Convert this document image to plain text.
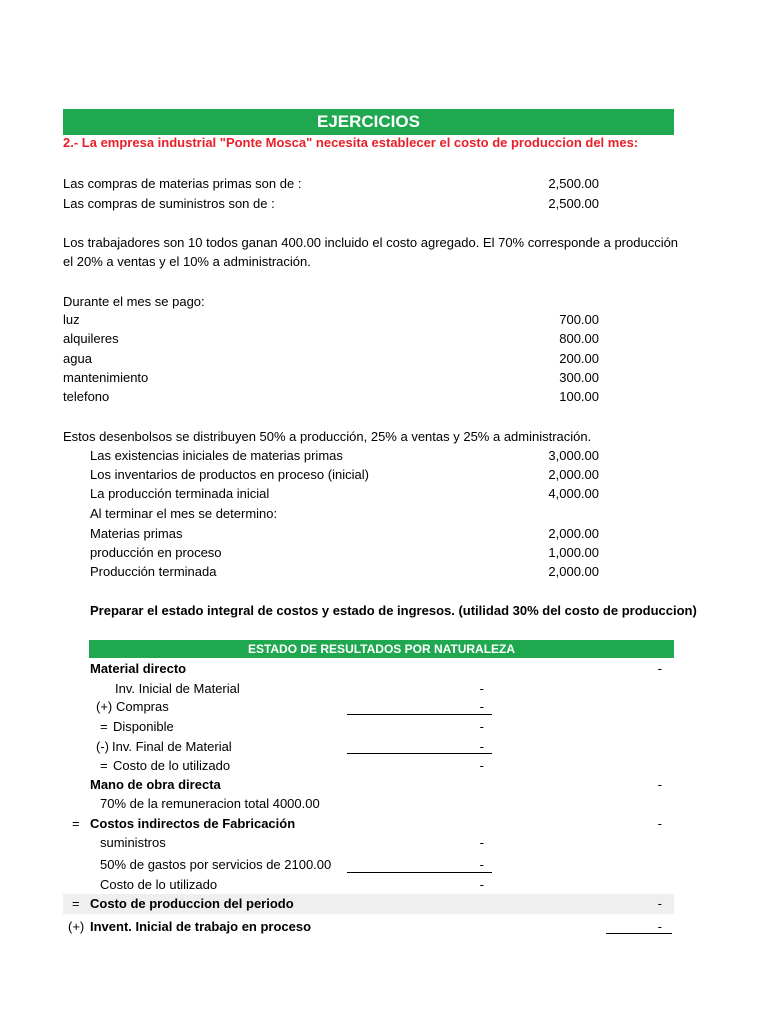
EJERCICIOS
2.- La empresa industrial "Ponte Mosca" necesita establecer el costo de produccion del mes:
Las compras de materias primas son de :	2,500.00
Las compras de suministros son de :	2,500.00
Los trabajadores son 10 todos ganan 400.00 incluido el costo agregado. El 70% corresponde a producción
el 20% a ventas y el 10% a administración.
Durante el mes se pago:
luz	700.00
alquileres	800.00
agua	200.00
mantenimiento	300.00
telefono	100.00
Estos desenbolsos se distribuyen 50% a producción, 25% a ventas y 25% a administración.
Las existencias iniciales de materias primas	3,000.00
Los inventarios de productos en proceso (inicial)	2,000.00
La producción terminada inicial	4,000.00
Al terminar el mes se determino:
Materias primas	2,000.00
producción en proceso	1,000.00
Producción terminada	2,000.00
Preparar el estado integral de costos y estado de ingresos. (utilidad 30% del costo de produccion)
ESTADO DE RESULTADOS POR NATURALEZA
Material directo	-
Inv. Inicial de Material	-
(+) Compras	-
= Disponible	-
(-) Inv. Final de Material	-
= Costo de lo utilizado	-
Mano de obra directa	-
70% de la remuneracion total 4000.00
= Costos indirectos de Fabricación	-
suministros	-
50% de gastos por servicios de 2100.00	-
Costo de lo utilizado	-
= Costo de produccion del periodo	-
(+) Invent. Inicial de trabajo en proceso	-
